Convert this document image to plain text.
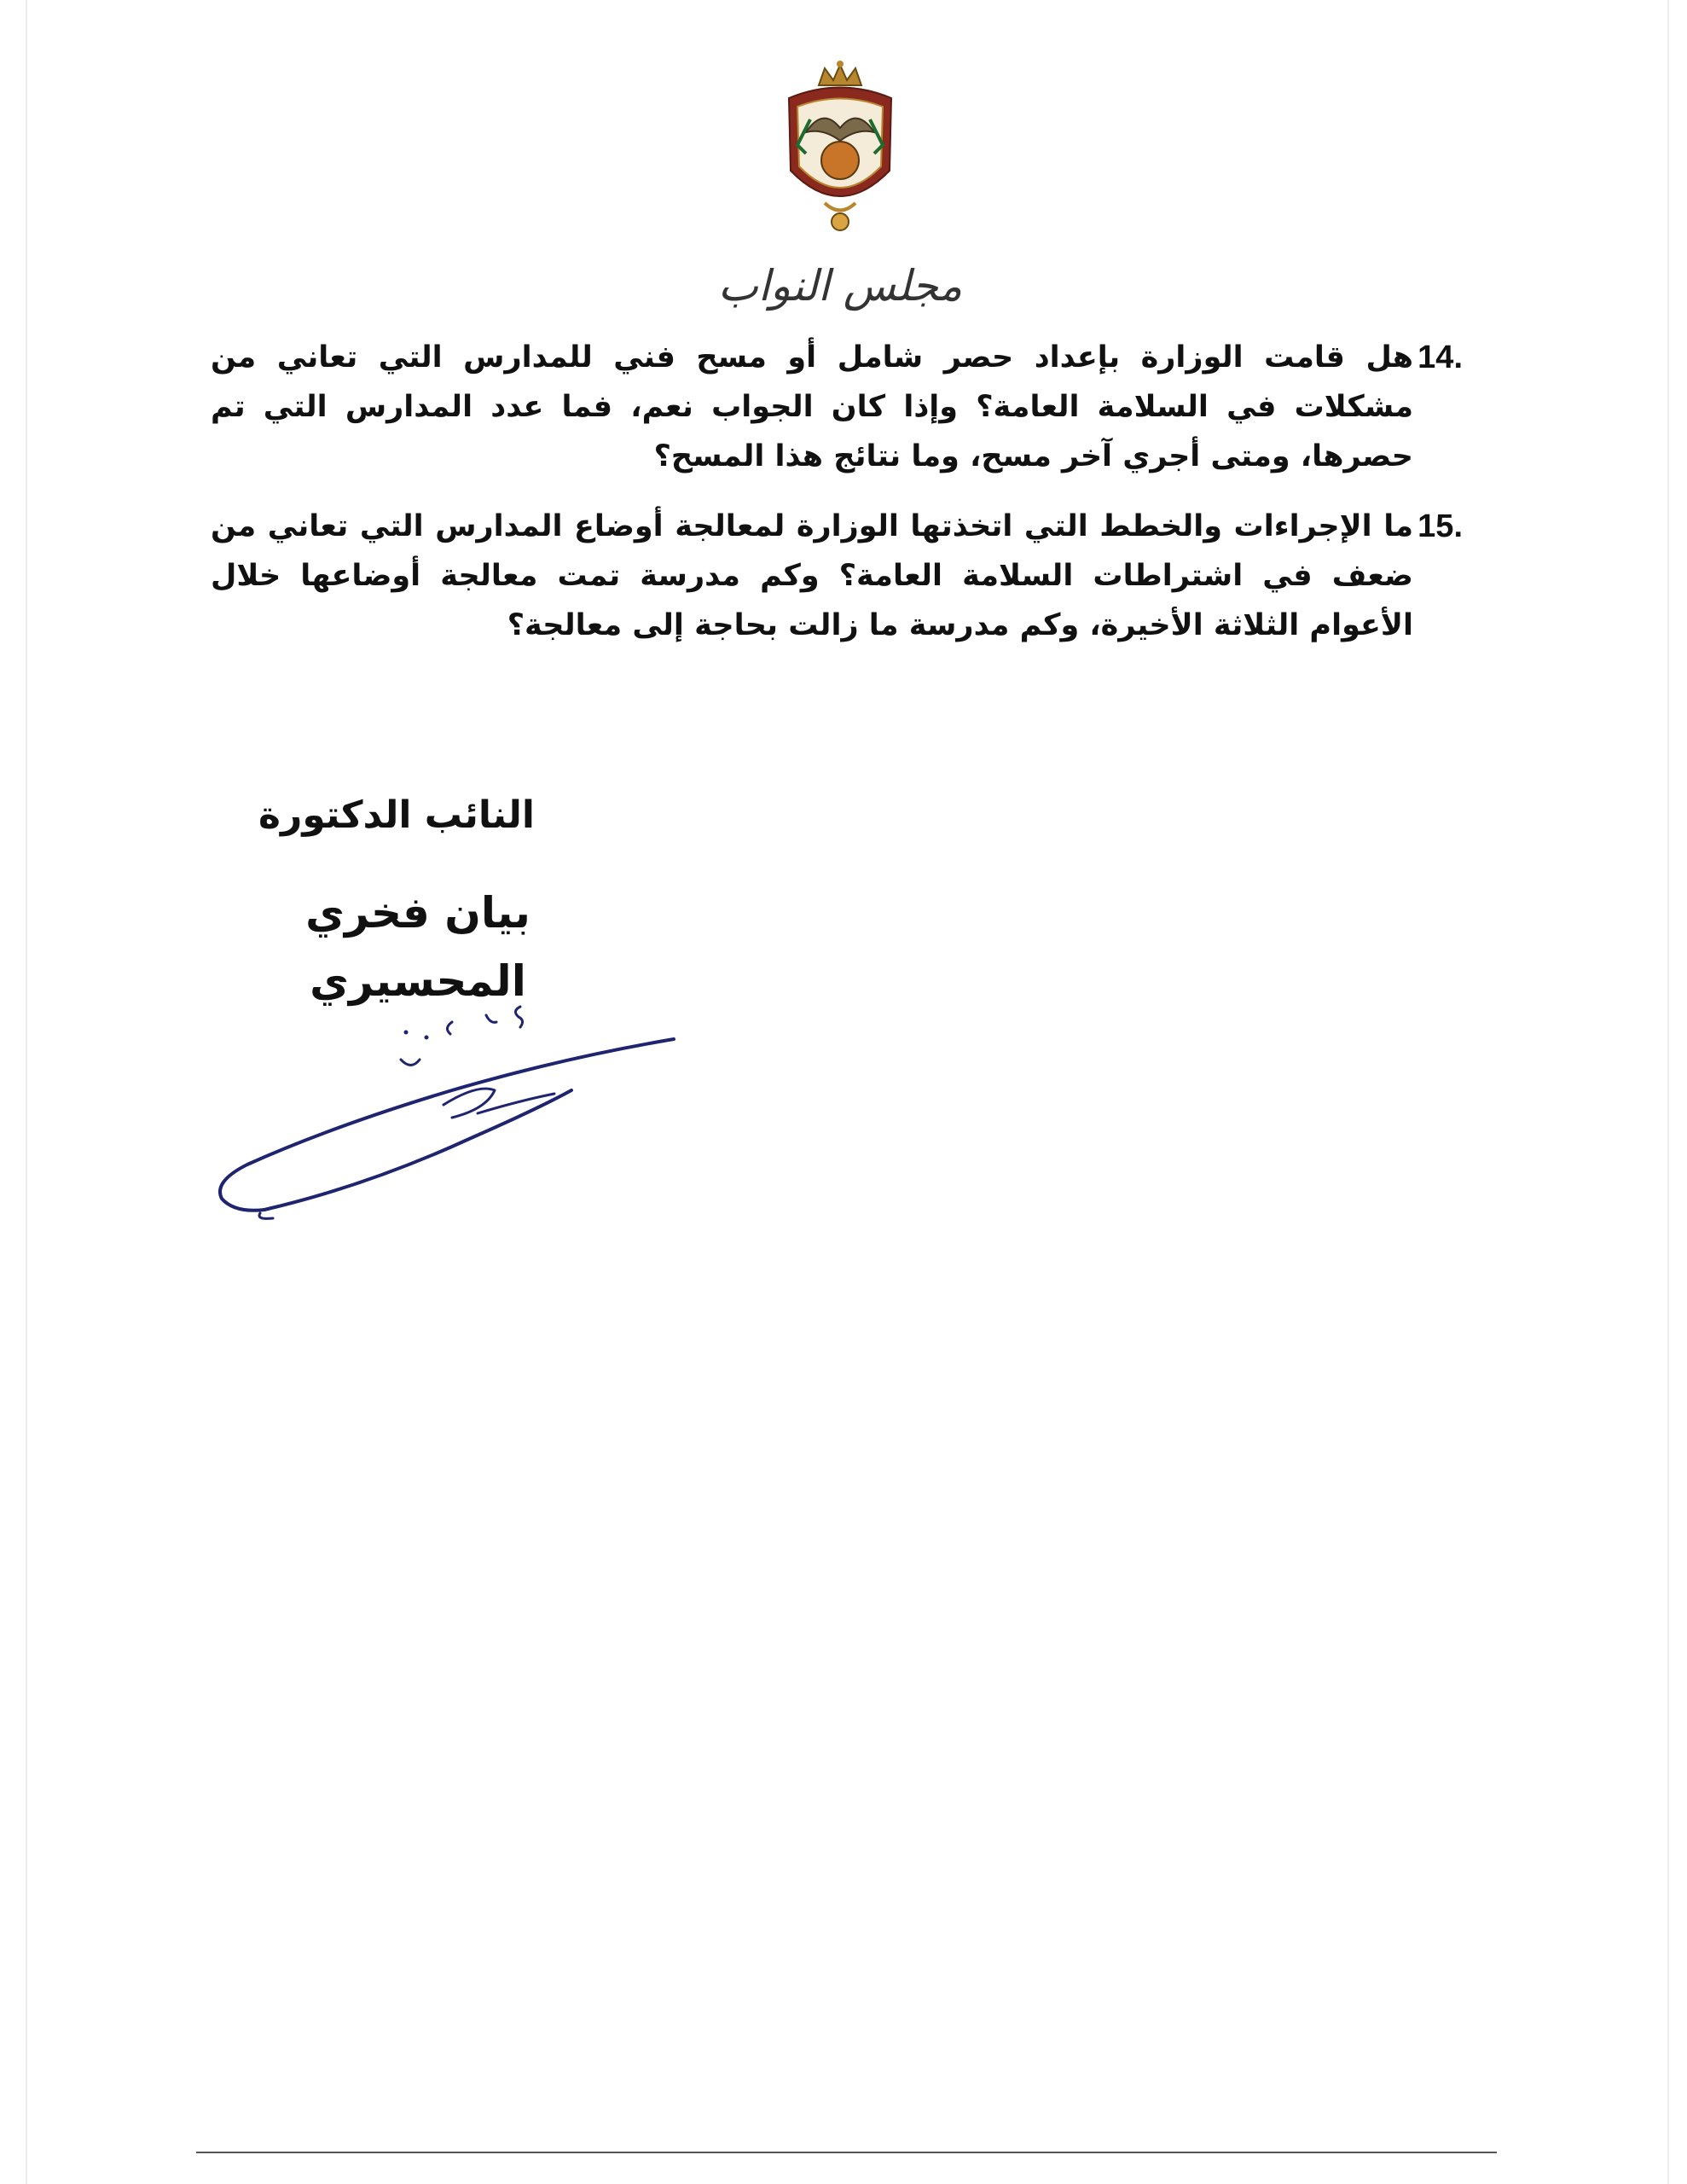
مجلس النواب
14.
هل قامت الوزارة بإعداد حصر شامل أو مسح فني للمدارس التي تعاني من مشكلات في السلامة العامة؟ وإذا كان الجواب نعم، فما عدد المدارس التي تم حصرها، ومتى أجري آخر مسح، وما نتائج هذا المسح؟
15.
ما الإجراءات والخطط التي اتخذتها الوزارة لمعالجة أوضاع المدارس التي تعاني من ضعف في اشتراطات السلامة العامة؟ وكم مدرسة تمت معالجة أوضاعها خلال الأعوام الثلاثة الأخيرة، وكم مدرسة ما زالت بحاجة إلى معالجة؟
النائب الدكتورة
بيان فخري المحسيري
